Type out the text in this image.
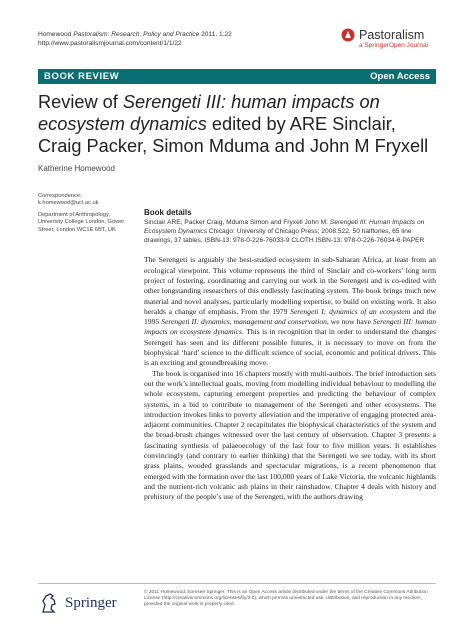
Homewood Pastoralism: Research, Policy and Practice 2011, 1:22
http://www.pastoralismjournal.com/content/1/1/22
Pastoralism
a SpringerOpen Journal
BOOK REVIEW	Open Access
Review of Serengeti III: human impacts on ecosystem dynamics edited by ARE Sinclair, Craig Packer, Simon Mduma and John M Fryxell
Katherine Homewood
Correspondence: k.homewood@ucl.ac.uk
Department of Anthropology, University College London, Gower Street, London WC1E 6BT, UK
Book details
Sinclair ARE, Packer Craig, Mduma Simon and Fryxell John M: Serengeti III: Human Impacts on Ecosystem Dynamics Chicago: University of Chicago Press; 2008:522. 50 halftones, 65 line drawings, 37 tables, ISBN-13: 978-0-226-76033-9 CLOTH ISBN-13: 978-0-226-76034-6 PAPER

The Serengeti is arguably the best-studied ecosystem in sub-Saharan Africa, at least from an ecological viewpoint. This volume represents the third of Sinclair and co-workers’ long term project of fostering, coordinating and carrying out work in the Serengeti and is co-edited with other longstanding researchers of this endlessly fascinating system. The book brings much new material and novel analyses, particularly modelling expertise, to build on existing work. It also heralds a change of emphasis. From the 1979 Serengeti I: dynamics of an ecosystem and the 1995 Serengeti II: dynamics, management and conservation, we now have Serengeti III: human impacts on ecosystem dynamics. This is in recognition that in order to understand the changes Serengeti has seen and its different possible futures, it is necessary to move on from the biophysical ‘hard’ science to the difficult science of social, economic and political drivers. This is an exciting and groundbreaking move.

The book is organised into 16 chapters mostly with multi-authors. The brief introduction sets out the work’s intellectual goals, moving from modelling individual behaviour to modelling the whole ecosystem, capturing emergent properties and predicting the behaviour of complex systems, in a bid to contribute to management of the Serengeti and other ecosystems. The introduction invokes links to poverty alleviation and the imperative of engaging protected area-adjacent communities. Chapter 2 recapitulates the biophysical characteristics of the system and the broad-brush changes witnessed over the last century of observation. Chapter 3 presents a fascinating synthesis of palaeoecology of the last four to five million years. It establishes convincingly (and contrary to earlier thinking) that the Serengeti we see today, with its short grass plains, wooded grasslands and spectacular migrations, is a recent phenomenon that emerged with the formation over the last 100,000 years of Lake Victoria, the volcanic highlands and the nutrient-rich volcanic ash plains in their rainshadow. Chapter 4 deals with history and prehistory of the people’s use of the Serengeti, with the authors drawing

Springer
© 2011 Homewood; licensee Springer. This is an Open Access article distributed under the terms of the Creative Commons Attribution License (http://creativecommons.org/licenses/by/2.0), which permits unrestricted use, distribution, and reproduction in any medium, provided the original work is properly cited.
